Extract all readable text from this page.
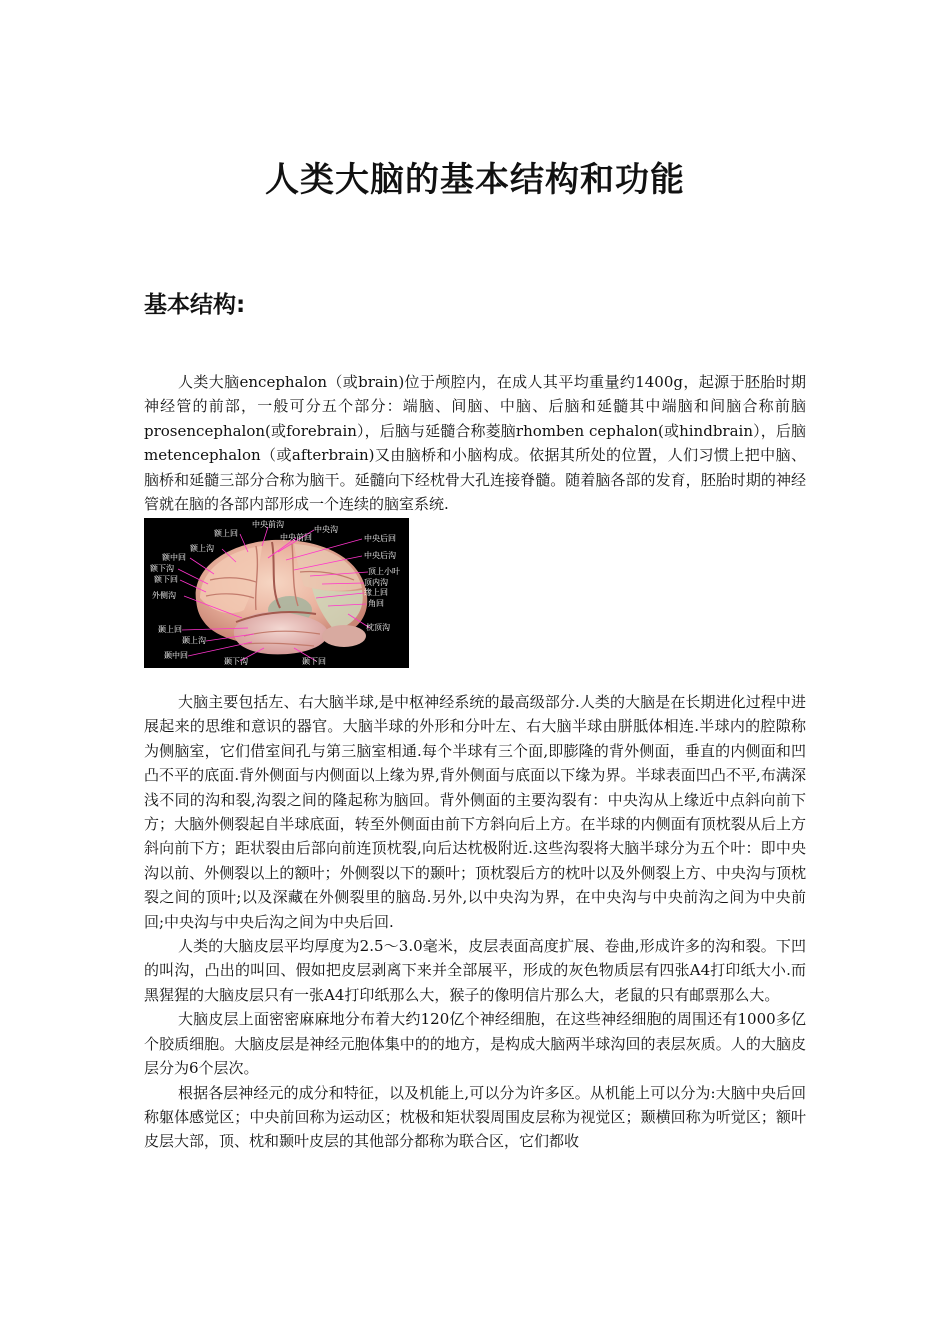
人类大脑的基本结构和功能
基本结构:

人类大脑encephalon（或brain)位于颅腔内，在成人其平均重量约1400g，起源于胚胎时期神经管的前部，一般可分五个部分：端脑、间脑、中脑、后脑和延髓其中端脑和间脑合称前脑prosencephalon(或forebrain），后脑与延髓合称菱脑rhomben cephalon(或hindbrain），后脑metencephalon（或afterbrain)又由脑桥和小脑构成。依据其所处的位置，人们习惯上把中脑、脑桥和延髓三部分合称为脑干。延髓向下经枕骨大孔连接脊髓。随着脑各部的发育，胚胎时期的神经管就在脑的各部内部形成一个连续的脑室系统.

中央前沟
额上回	中央沟
中央前回
额上沟
中央后回
额中回	中央后沟
额下沟	顶上小叶
额下回	顶内沟
外侧沟	缘上回
角回
颞上回	枕顶沟
颞上沟
颞中回
颞下沟	颞下回

大脑主要包括左、右大脑半球,是中枢神经系统的最高级部分.人类的大脑是在长期进化过程中进展起来的思维和意识的器官。大脑半球的外形和分叶左、右大脑半球由胼胝体相连.半球内的腔隙称为侧脑室，它们借室间孔与第三脑室相通.每个半球有三个面,即膨隆的背外侧面，垂直的内侧面和凹凸不平的底面.背外侧面与内侧面以上缘为界,背外侧面与底面以下缘为界。半球表面凹凸不平,布满深浅不同的沟和裂,沟裂之间的隆起称为脑回。背外侧面的主要沟裂有：中央沟从上缘近中点斜向前下方；大脑外侧裂起自半球底面，转至外侧面由前下方斜向后上方。在半球的内侧面有顶枕裂从后上方斜向前下方；距状裂由后部向前连顶枕裂,向后达枕极附近.这些沟裂将大脑半球分为五个叶：即中央沟以前、外侧裂以上的额叶；外侧裂以下的颞叶；顶枕裂后方的枕叶以及外侧裂上方、中央沟与顶枕裂之间的顶叶;以及深藏在外侧裂里的脑岛.另外,以中央沟为界，在中央沟与中央前沟之间为中央前回;中央沟与中央后沟之间为中央后回.

人类的大脑皮层平均厚度为2.5～3.0毫米，皮层表面高度扩展、卷曲,形成许多的沟和裂。下凹的叫沟，凸出的叫回、假如把皮层剥离下来并全部展平，形成的灰色物质层有四张A4打印纸大小.而黑猩猩的大脑皮层只有一张A4打印纸那么大，猴子的像明信片那么大，老鼠的只有邮票那么大。

大脑皮层上面密密麻麻地分布着大约120亿个神经细胞，在这些神经细胞的周围还有1000多亿个胶质细胞。大脑皮层是神经元胞体集中的的地方，是构成大脑两半球沟回的表层灰质。人的大脑皮层分为6个层次。

根据各层神经元的成分和特征，以及机能上,可以分为许多区。从机能上可以分为:大脑中央后回称躯体感觉区；中央前回称为运动区；枕极和矩状裂周围皮层称为视觉区；颞横回称为听觉区；额叶皮层大部，顶、枕和颞叶皮层的其他部分都称为联合区，它们都收
